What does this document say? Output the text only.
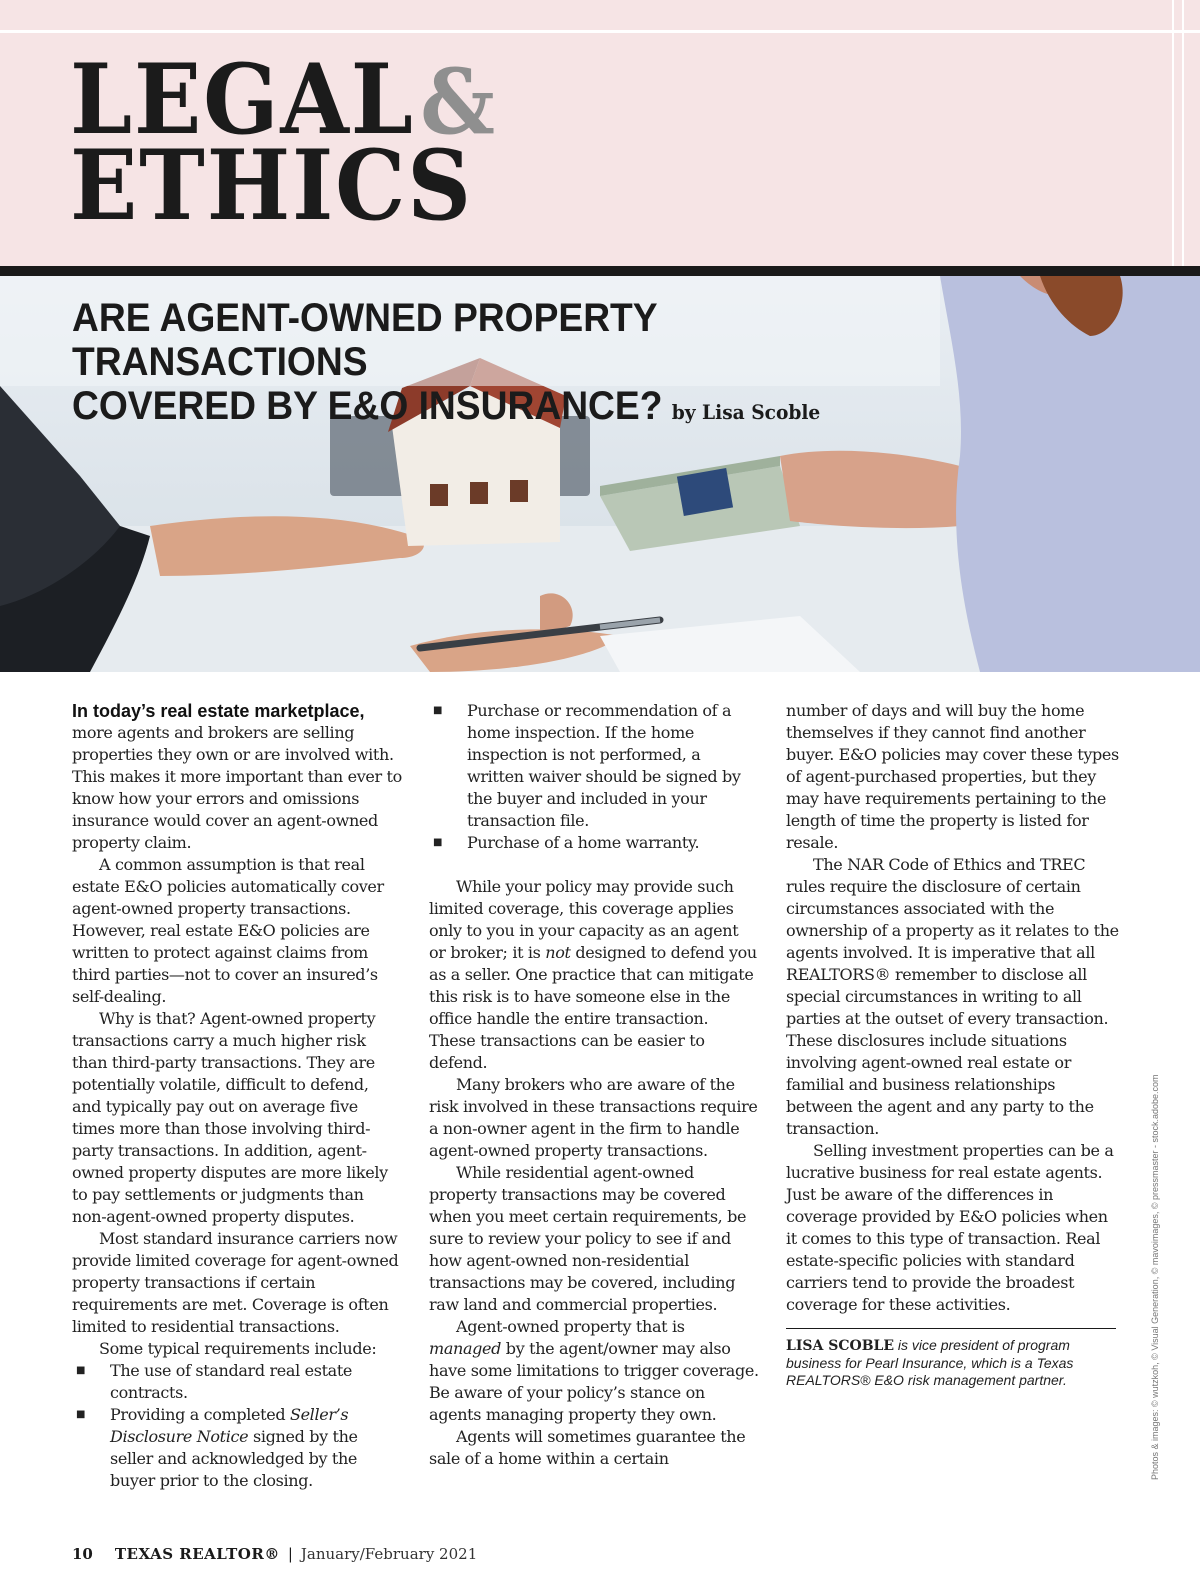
LEGAL&
ETHICS
ARE AGENT-OWNED PROPERTY TRANSACTIONS
COVERED BY E&O INSURANCE? by Lisa Scoble

In today’s real estate marketplace,
more agents and brokers are selling properties they own or are involved with. This makes it more important than ever to know how your errors and omissions insurance would cover an agent-owned property claim.

A common assumption is that real estate E&O policies automatically cover agent-owned property transactions. However, real estate E&O policies are written to protect against claims from third parties—not to cover an insured’s self-dealing.

Why is that? Agent-owned property transactions carry a much higher risk than third-party transactions. They are potentially volatile, difficult to defend, and typically pay out on average five times more than those involving third-party transactions. In addition, agent-owned property disputes are more likely to pay settlements or judgments than non-agent-owned property disputes.

Most standard insurance carriers now provide limited coverage for agent-owned property transactions if certain requirements are met. Coverage is often limited to residential transactions.

Some typical requirements include:

■ The use of standard real estate contracts.
■ Providing a completed Seller’s Disclosure Notice signed by the seller and acknowledged by the buyer prior to the closing.
■ Purchase or recommendation of a home inspection. If the home inspection is not performed, a written waiver should be signed by the buyer and included in your transaction file.
■ Purchase of a home warranty.

While your policy may provide such limited coverage, this coverage applies only to you in your capacity as an agent or broker; it is not designed to defend you as a seller. One practice that can mitigate this risk is to have someone else in the office handle the entire transaction. These transactions can be easier to defend.

Many brokers who are aware of the risk involved in these transactions require a non-owner agent in the firm to handle agent-owned property transactions.

While residential agent-owned property transactions may be covered when you meet certain requirements, be sure to review your policy to see if and how agent-owned non-residential transactions may be covered, including raw land and commercial properties.

Agent-owned property that is managed by the agent/owner may also have some limitations to trigger coverage. Be aware of your policy’s stance on agents managing property they own.

Agents will sometimes guarantee the sale of a home within a certain

number of days and will buy the home themselves if they cannot find another buyer. E&O policies may cover these types of agent-purchased properties, but they may have requirements pertaining to the length of time the property is listed for resale.

The NAR Code of Ethics and TREC rules require the disclosure of certain circumstances associated with the ownership of a property as it relates to the agents involved. It is imperative that all REALTORS® remember to disclose all special circumstances in writing to all parties at the outset of every transaction. These disclosures include situations involving agent-owned real estate or familial and business relationships between the agent and any party to the transaction.

Selling investment properties can be a lucrative business for real estate agents. Just be aware of the differences in coverage provided by E&O policies when it comes to this type of transaction. Real estate-specific policies with standard carriers tend to provide the broadest coverage for these activities.

LISA SCOBLE is vice president of program business for Pearl Insurance, which is a Texas REALTORS® E&O risk management partner.	Photos & images: © wutzkoh, © Visual Generation, © mavoimages, © pressmaster - stock.adobe.com
10 TEXAS REALTOR® | January/February 2021
